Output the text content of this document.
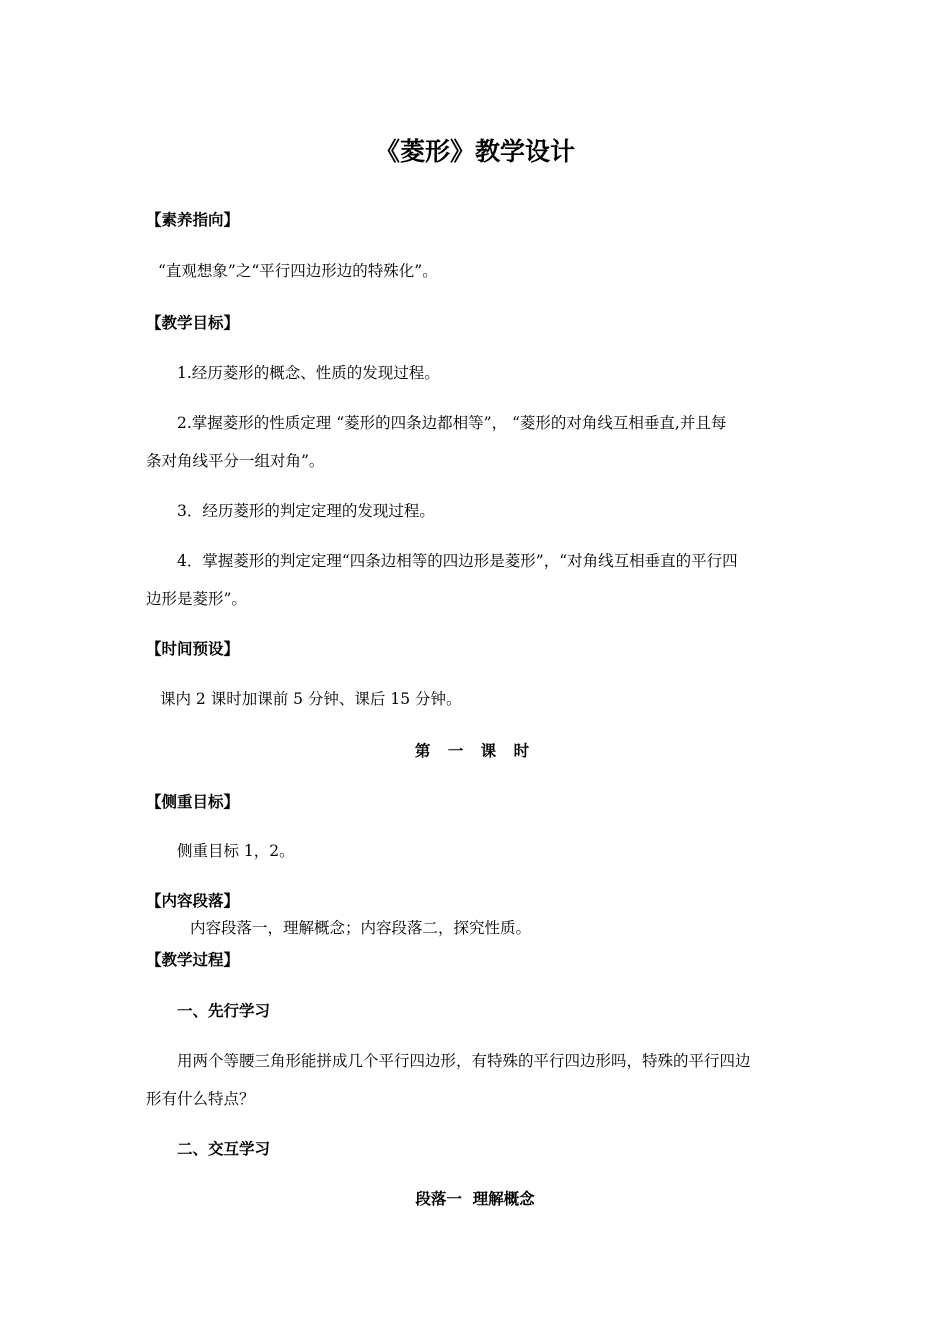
《菱形》教学设计
【素养指向】
“直观想象”之“平行四边形边的特殊化”。
【教学目标】
1.经历菱形的概念、性质的发现过程。
2.掌握菱形的性质定理 “菱形的四条边都相等”， “菱形的对角线互相垂直,并且每
条对角线平分一组对角”。
3．经历菱形的判定定理的发现过程。
4．掌握菱形的判定定理“四条边相等的四边形是菱形”，“对角线互相垂直的平行四
边形是菱形”。
【时间预设】
课内 2 课时加课前 5 分钟、课后 15 分钟。
第 一 课 时
【侧重目标】
侧重目标 1，2。
【内容段落】
内容段落一，理解概念；内容段落二，探究性质。
【教学过程】
一、先行学习
用两个等腰三角形能拼成几个平行四边形，有特殊的平行四边形吗，特殊的平行四边
形有什么特点？
二、交互学习
段落一  理解概念
